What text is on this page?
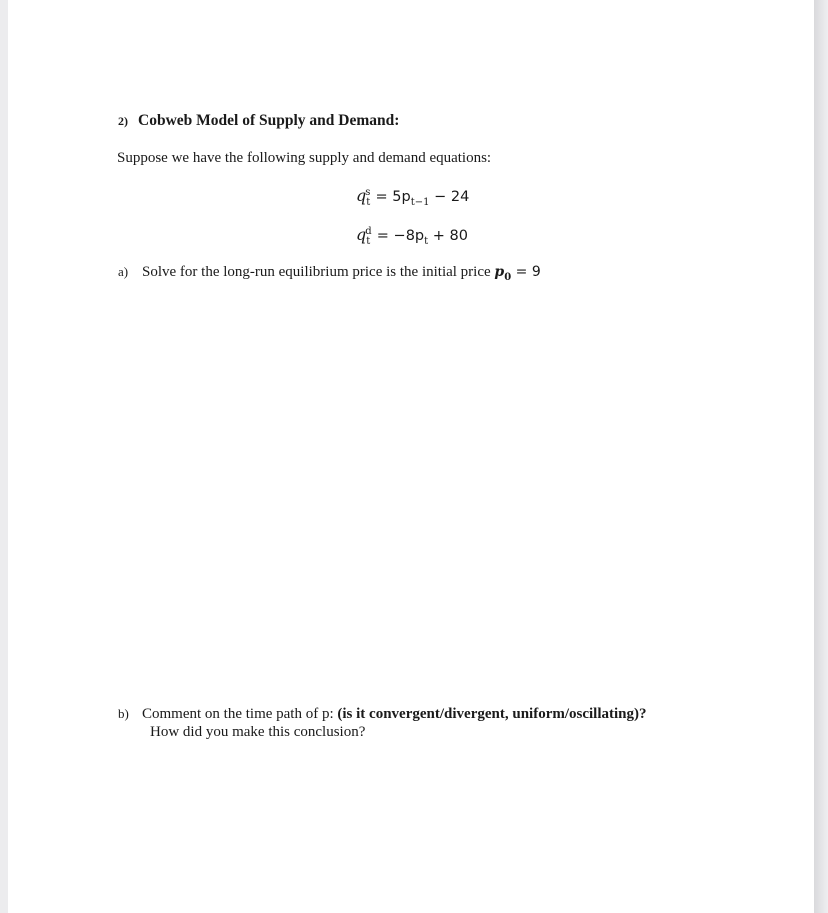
2) Cobweb Model of Supply and Demand:
Suppose we have the following supply and demand equations:
$q_t^s = 5p_{t-1} - 24$
$q_t^d = -8p_t + 80$
a) Solve for the long-run equilibrium price is the initial price $p_0 = 9$
b) Comment on the time path of p: (is it convergent/divergent, uniform/oscillating)?
How did you make this conclusion?
